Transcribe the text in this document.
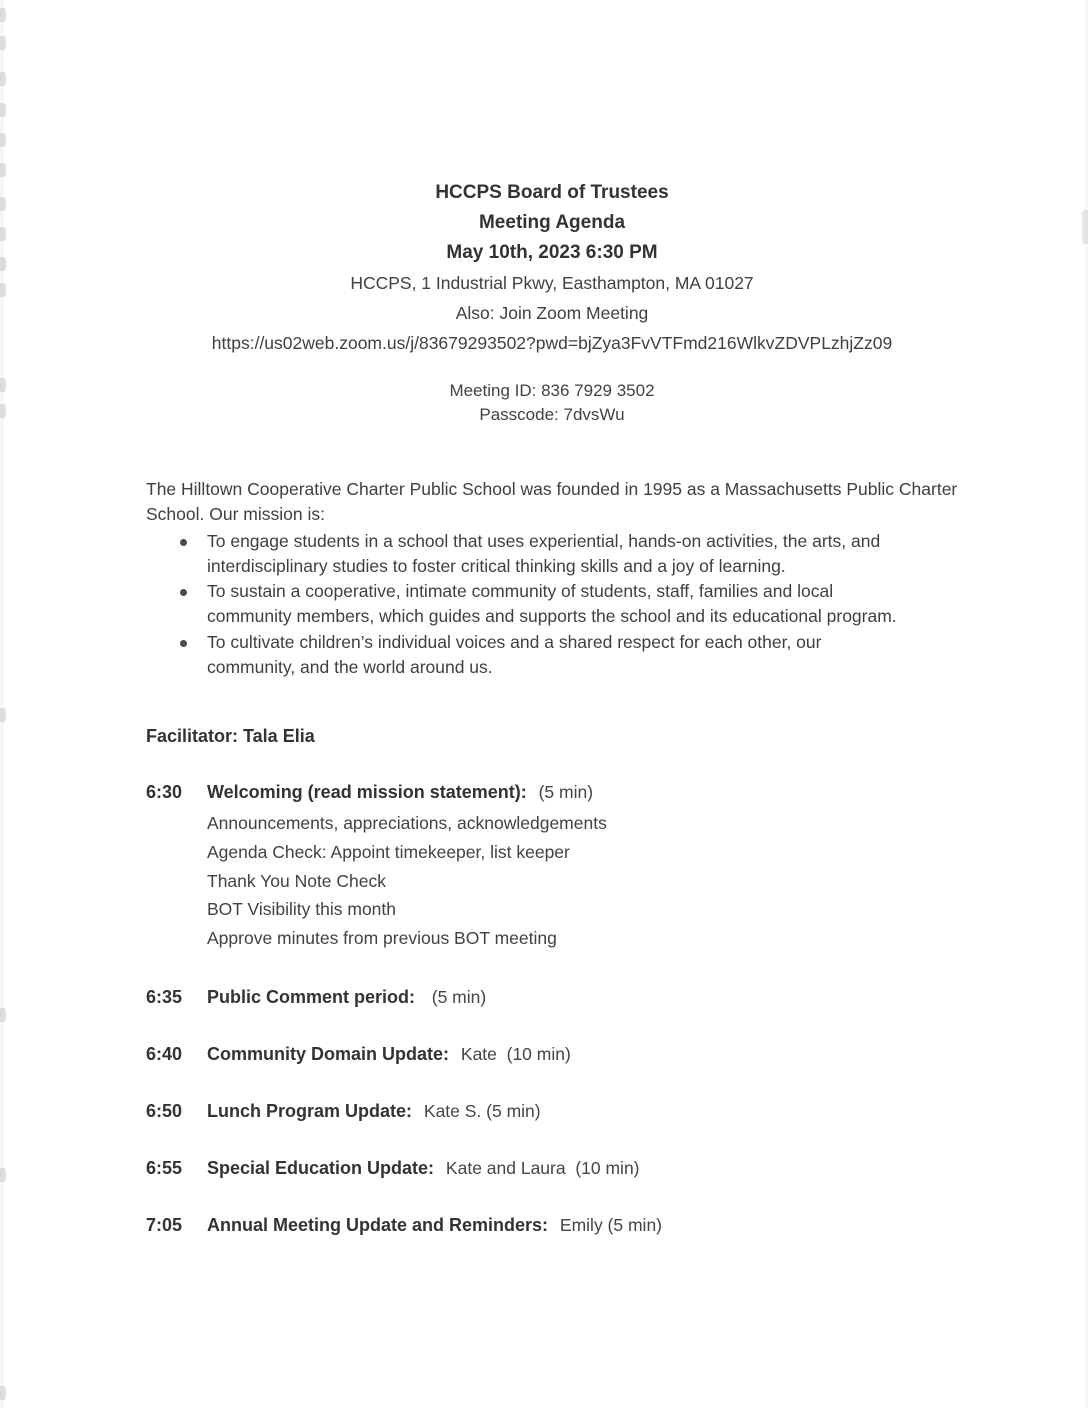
HCCPS Board of Trustees
Meeting Agenda
May 10th, 2023 6:30 PM
HCCPS, 1 Industrial Pkwy, Easthampton, MA 01027
Also: Join Zoom Meeting
https://us02web.zoom.us/j/83679293502?pwd=bjZya3FvVTFmd216WlkvZDVPLzhjZz09
Meeting ID: 836 7929 3502
Passcode: 7dvsWu

The Hilltown Cooperative Charter Public School was founded in 1995 as a Massachusetts Public Charter School. Our mission is:

To engage students in a school that uses experiential, hands-on activities, the arts, and interdisciplinary studies to foster critical thinking skills and a joy of learning.
To sustain a cooperative, intimate community of students, staff, families and local community members, which guides and supports the school and its educational program.
To cultivate children’s individual voices and a shared respect for each other, our community, and the world around us.
Facilitator: Tala Elia
6:30	Welcoming (read mission statement): (5 min)
Announcements, appreciations, acknowledgements
Agenda Check: Appoint timekeeper, list keeper
Thank You Note Check
BOT Visibility this month
Approve minutes from previous BOT meeting
6:35	Public Comment period:  (5 min)
6:40	Community Domain Update: Kate  (10 min)
6:50	Lunch Program Update: Kate S. (5 min)
6:55	Special Education Update: Kate and Laura  (10 min)
7:05	Annual Meeting Update and Reminders: Emily (5 min)
